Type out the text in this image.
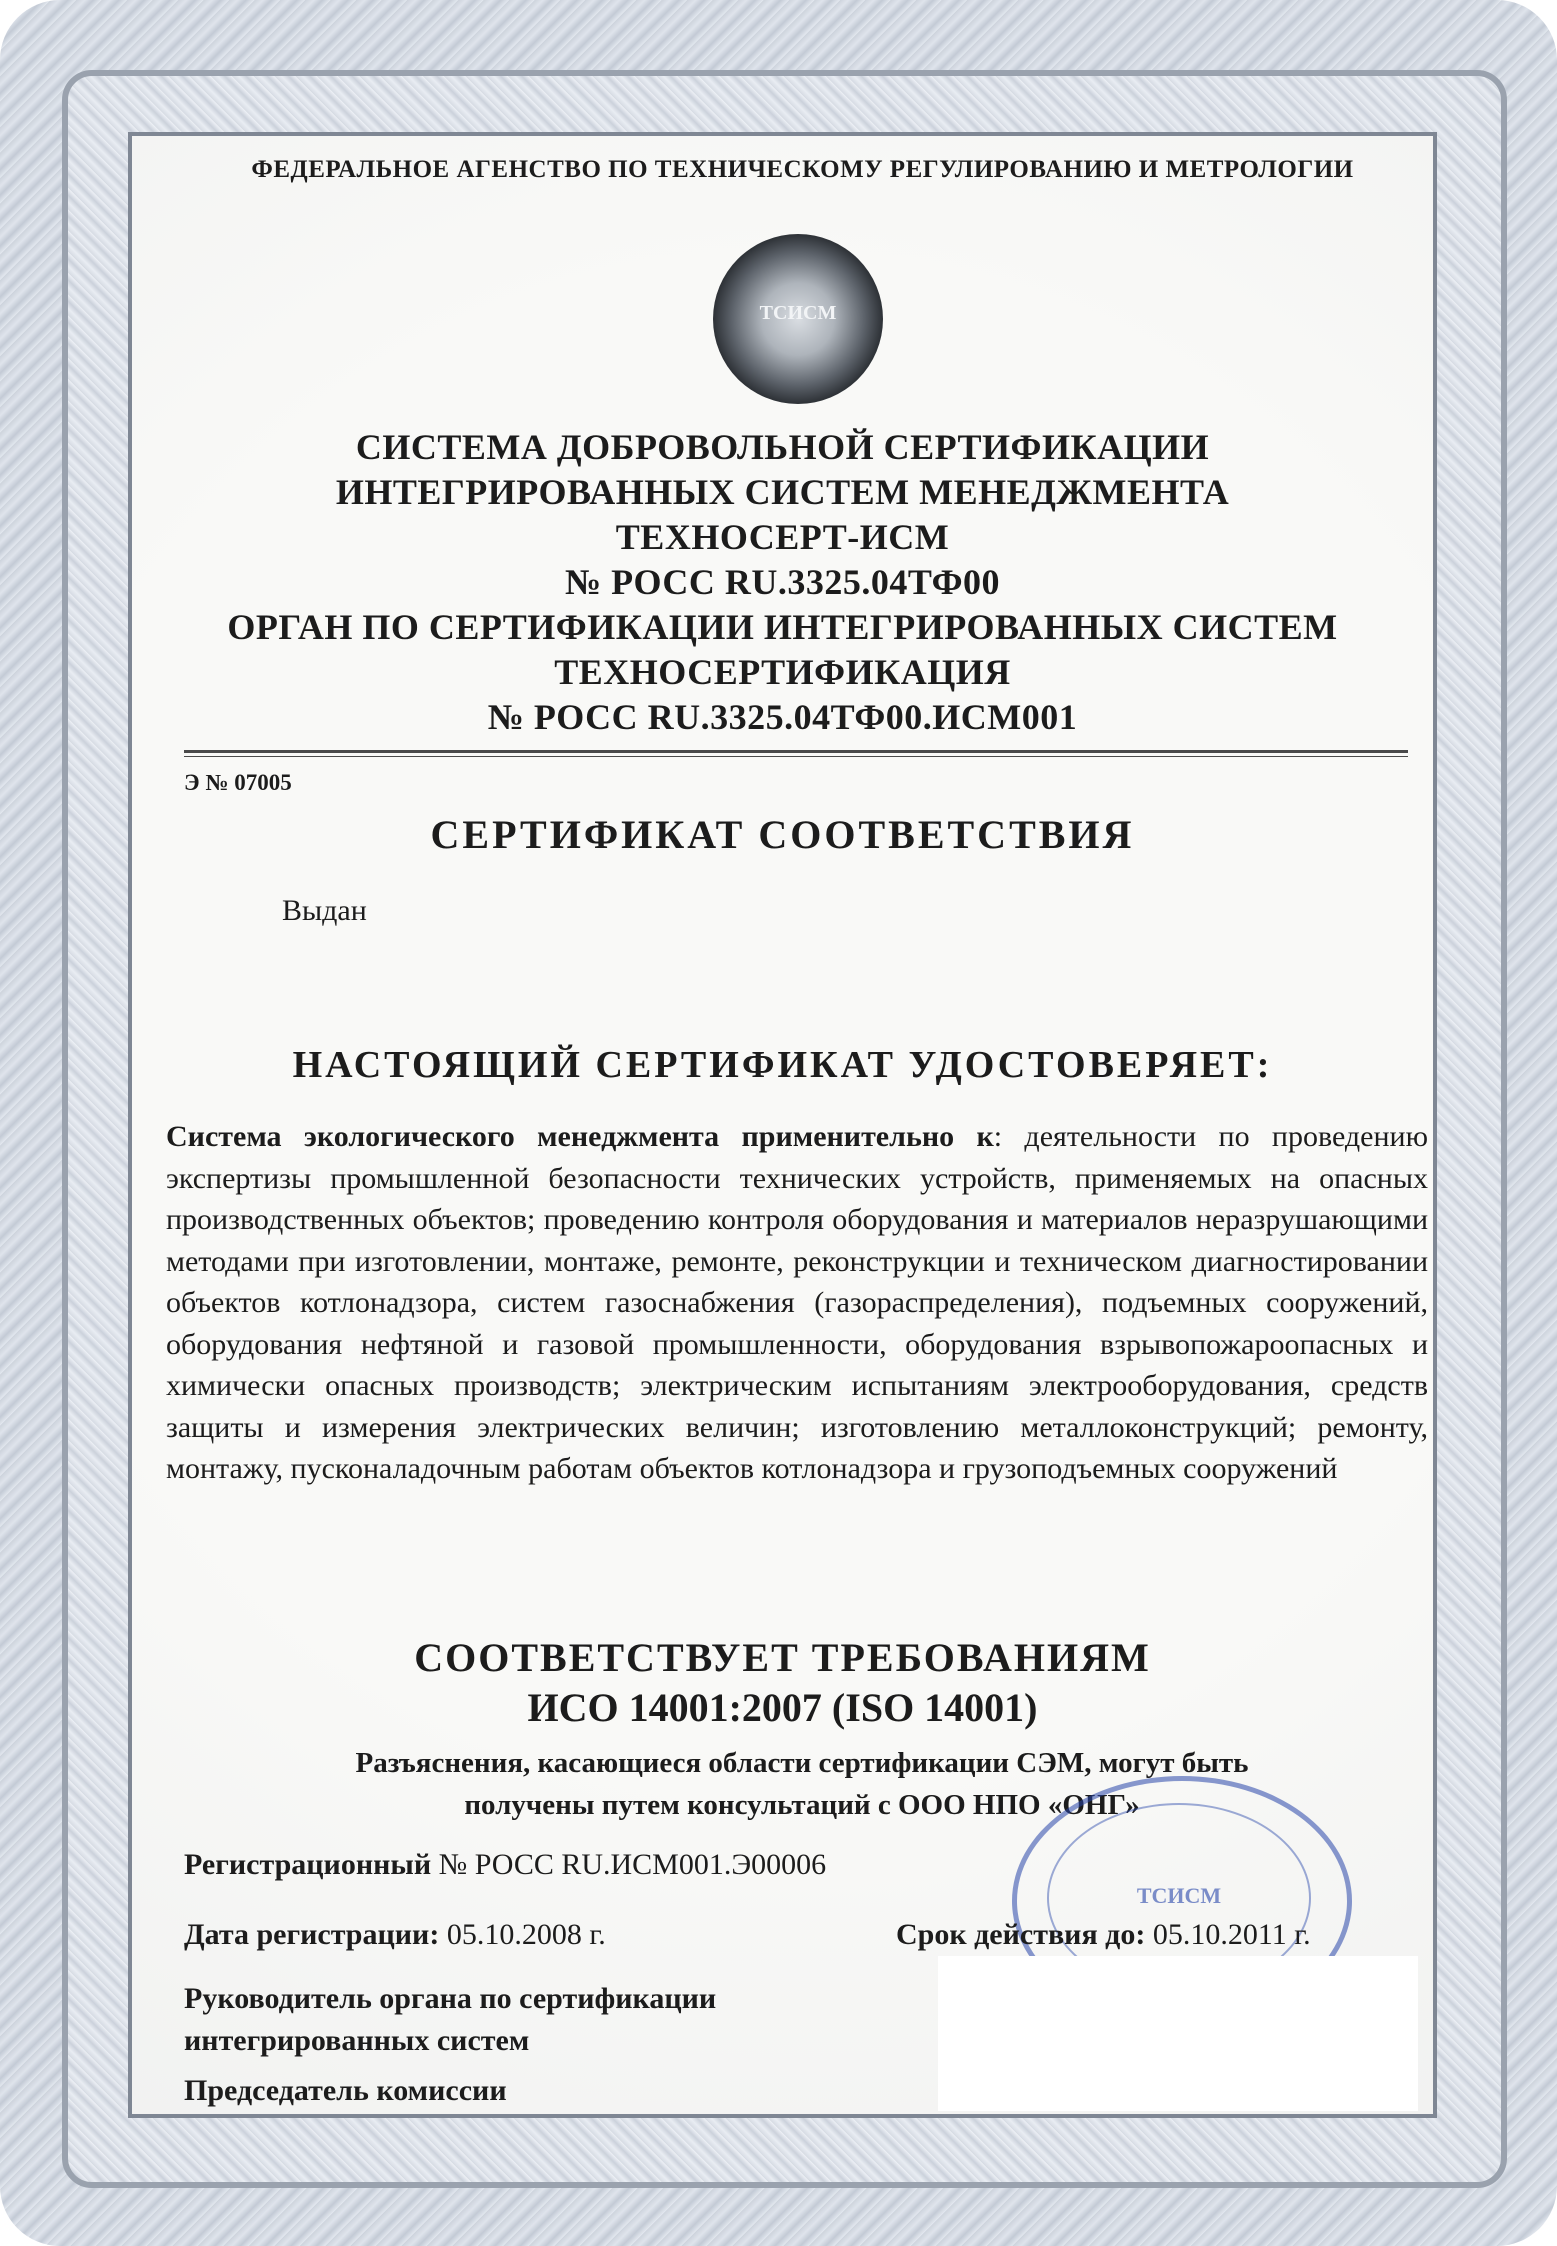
ФЕДЕРАЛЬНОЕ АГЕНСТВО ПО ТЕХНИЧЕСКОМУ РЕГУЛИРОВАНИЮ И МЕТРОЛОГИИ
ТСИСМ
СИСТЕМА ДОБРОВОЛЬНОЙ СЕРТИФИКАЦИИ
ИНТЕГРИРОВАННЫХ СИСТЕМ МЕНЕДЖМЕНТА
ТЕХНОСЕРТ-ИСМ
№ РОСС RU.3325.04ТФ00
ОРГАН ПО СЕРТИФИКАЦИИ ИНТЕГРИРОВАННЫХ СИСТЕМ
ТЕХНОСЕРТИФИКАЦИЯ
№ РОСС RU.3325.04ТФ00.ИСМ001
Э № 07005
СЕРТИФИКАТ СООТВЕТСТВИЯ
Выдан
НАСТОЯЩИЙ СЕРТИФИКАТ УДОСТОВЕРЯЕТ:
Система экологического менеджмента применительно к: деятельности по проведению экспертизы промышленной безопасности технических устройств, применяемых на опасных производственных объектов; проведению контроля оборудования и материалов неразрушающими методами при изготовлении, монтаже, ремонте, реконструкции и техническом диагностировании объектов котлонадзора, систем газоснабжения (газораспределения), подъемных сооружений, оборудования нефтяной и газовой промышленности, оборудования взрывопожароопасных и химически опасных производств; электрическим испытаниям электрооборудования, средств защиты и измерения электрических величин; изготовлению металлоконструкций; ремонту, монтажу, пусконаладочным работам объектов котлонадзора и грузоподъемных сооружений
СООТВЕТСТВУЕТ ТРЕБОВАНИЯМ
ИСО 14001:2007 (ISO 14001)
Разъяснения, касающиеся области сертификации СЭМ, могут быть получены путем консультаций с ООО НПО «ОНГ»
ТСИСМ
Регистрационный № РОСС RU.ИСМ001.Э00006
Дата регистрации: 05.10.2008 г.	Срок действия до: 05.10.2011 г.
Руководитель органа по сертификации интегрированных систем
Председатель комиссии
